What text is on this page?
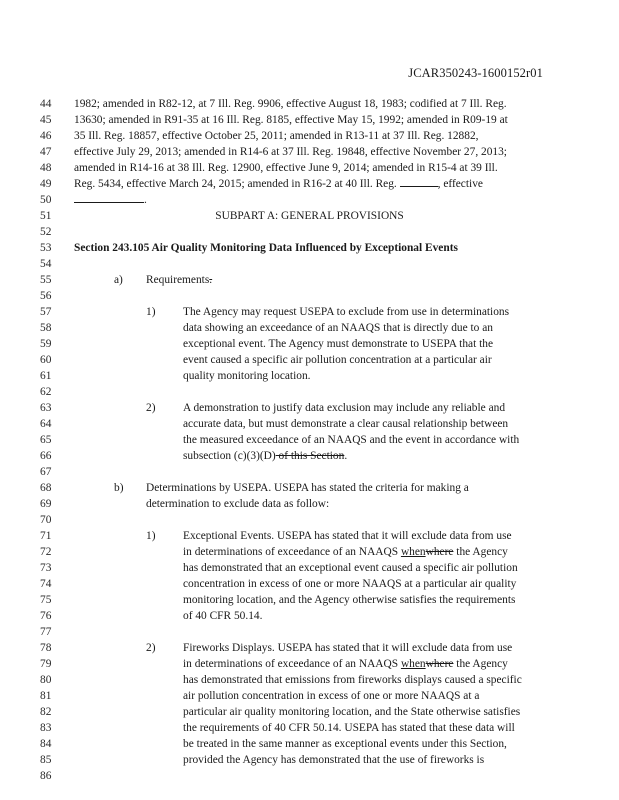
JCAR350243-1600152r01
44
45
46
47
48
49
50
51
52
53
54
55
56
57
58
59
60
61
62
63
64
65
66
67
68
69
70
71
72
73
74
75
76
77
78
79
80
81
82
83
84
85
86
1982; amended in R82-12, at 7 Ill. Reg. 9906, effective August 18, 1983; codified at 7 Ill. Reg.
13630; amended in R91-35 at 16 Ill. Reg. 8185, effective May 15, 1992; amended in R09-19 at
35 Ill. Reg. 18857, effective October 25, 2011; amended in R13-11 at 37 Ill. Reg. 12882,
effective July 29, 2013; amended in R14-6 at 37 Ill. Reg. 19848, effective November 27, 2013;
amended in R14-16 at 38 Ill. Reg. 12900, effective June 9, 2014; amended in R15-4 at 39 Ill.
Reg. 5434, effective March 24, 2015; amended in R16-2 at 40 Ill. Reg.	, effective
.
SUBPART A: GENERAL PROVISIONS
Section 243.105 Air Quality Monitoring Data Influenced by Exceptional Events
a) Requirements.
1) The Agency may request USEPA to exclude from use in determinations
data showing an exceedance of an NAAQS that is directly due to an
exceptional event. The Agency must demonstrate to USEPA that the
event caused a specific air pollution concentration at a particular air
quality monitoring location.
2) A demonstration to justify data exclusion may include any reliable and
accurate data, but must demonstrate a clear causal relationship between
the measured exceedance of an NAAQS and the event in accordance with
subsection (c)(3)(D) of this Section.
b) Determinations by USEPA. USEPA has stated the criteria for making a
determination to exclude data as follow:
1) Exceptional Events. USEPA has stated that it will exclude data from use
in determinations of exceedance of an NAAQS whenwhere the Agency
has demonstrated that an exceptional event caused a specific air pollution
concentration in excess of one or more NAAQS at a particular air quality
monitoring location, and the Agency otherwise satisfies the requirements
of 40 CFR 50.14.
2) Fireworks Displays. USEPA has stated that it will exclude data from use
in determinations of exceedance of an NAAQS whenwhere the Agency
has demonstrated that emissions from fireworks displays caused a specific
air pollution concentration in excess of one or more NAAQS at a
particular air quality monitoring location, and the State otherwise satisfies
the requirements of 40 CFR 50.14. USEPA has stated that these data will
be treated in the same manner as exceptional events under this Section,
provided the Agency has demonstrated that the use of fireworks is
